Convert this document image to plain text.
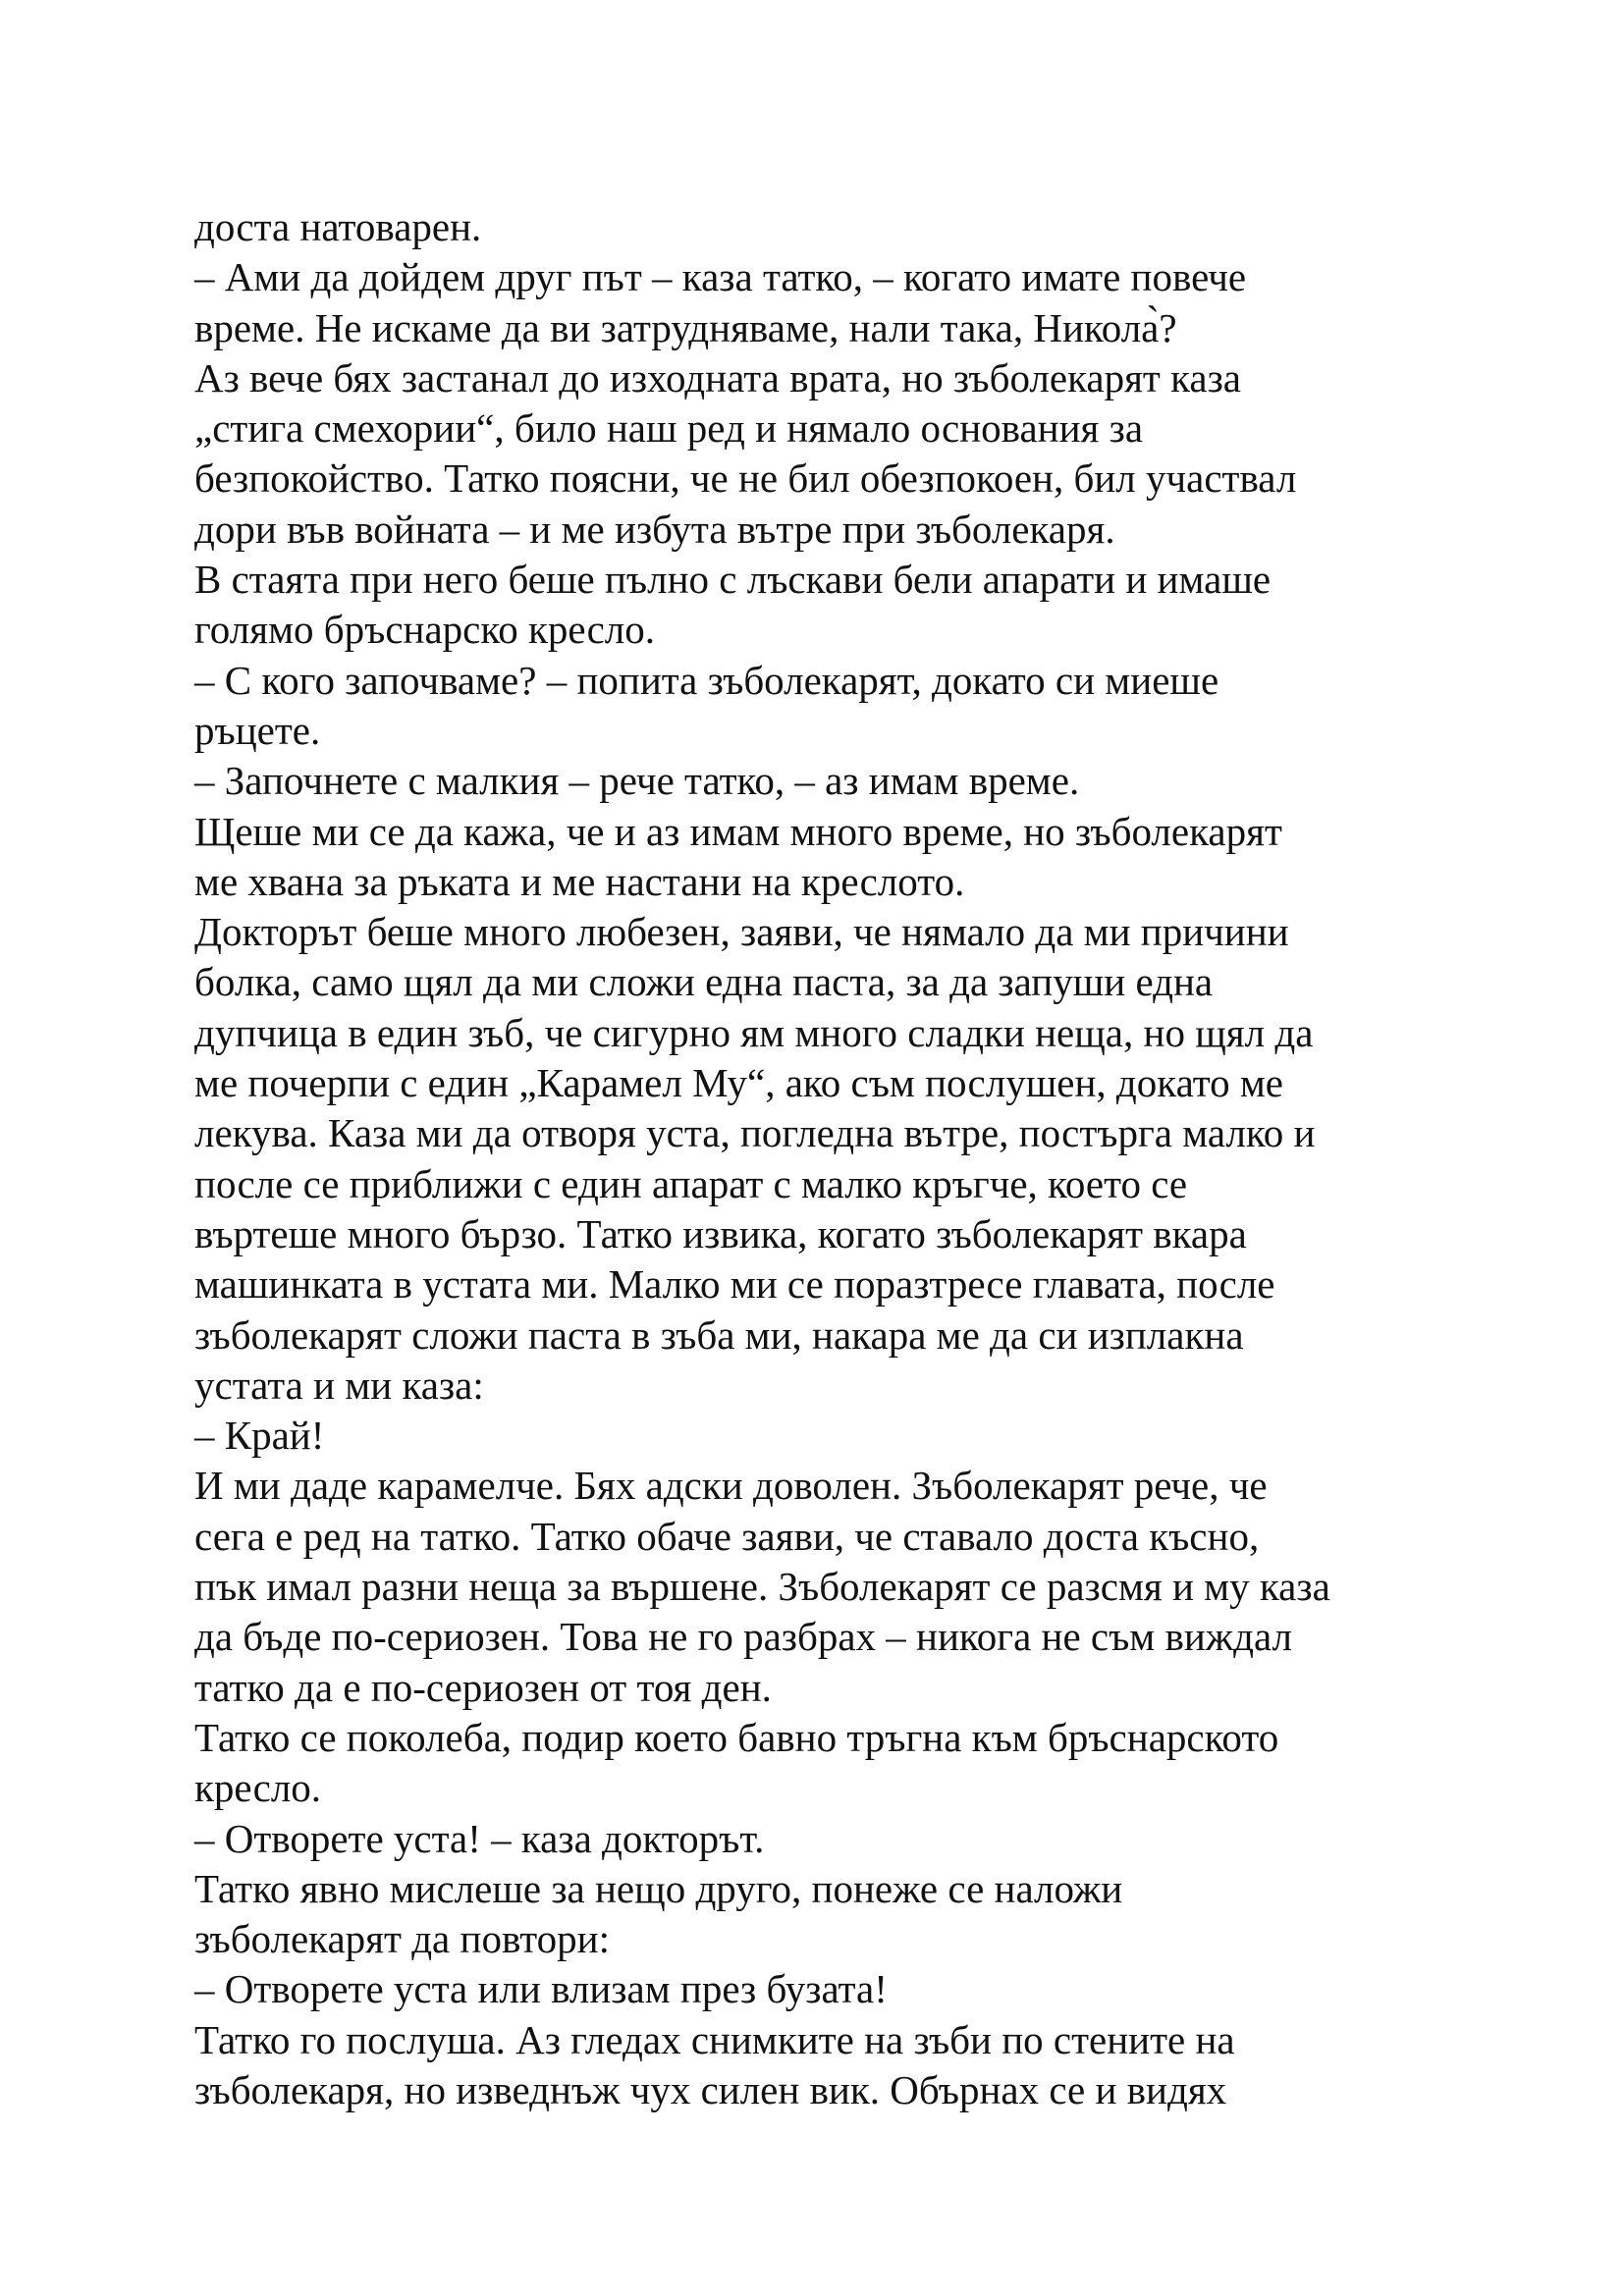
доста натоварен.

– Ами да дойдем друг път – каза татко, – когато имате повече

време. Не искаме да ви затрудняваме, нали така, Никола̀?

Аз вече бях застанал до изходната врата, но зъболекарят каза

„стига смехории“, било наш ред и нямало основания за

безпокойство. Татко поясни, че не бил обезпокоен, бил участвал

дори във войната – и ме избута вътре при зъболекаря.

В стаята при него беше пълно с лъскави бели апарати и имаше

голямо бръснарско кресло.

– С кого започваме? – попита зъболекарят, докато си миеше

ръцете.

– Започнете с малкия – рече татко, – аз имам време.

Щеше ми се да кажа, че и аз имам много време, но зъболекарят

ме хвана за ръката и ме настани на креслото.

Докторът беше много любезен, заяви, че нямало да ми причини

болка, само щял да ми сложи една паста, за да запуши една

дупчица в един зъб, че сигурно ям много сладки неща, но щял да

ме почерпи с един „Карамел Му“, ако съм послушен, докато ме

лекува. Каза ми да отворя уста, погледна вътре, постърга малко и

после се приближи с един апарат с малко кръгче, което се

въртеше много бързо. Татко извика, когато зъболекарят вкара

машинката в устата ми. Малко ми се поразтресе главата, после

зъболекарят сложи паста в зъба ми, накара ме да си изплакна

устата и ми каза:

– Край!

И ми даде карамелче. Бях адски доволен. Зъболекарят рече, че

сега е ред на татко. Татко обаче заяви, че ставало доста късно,

пък имал разни неща за вършене. Зъболекарят се разсмя и му каза

да бъде по-сериозен. Това не го разбрах – никога не съм виждал

татко да е по-сериозен от тоя ден.

Татко се поколеба, подир което бавно тръгна към бръснарското

кресло.

– Отворете уста! – каза докторът.

Татко явно мислеше за нещо друго, понеже се наложи

зъболекарят да повтори:

– Отворете уста или влизам през бузата!

Татко го послуша. Аз гледах снимките на зъби по стените на

зъболекаря, но изведнъж чух силен вик. Обърнах се и видях
